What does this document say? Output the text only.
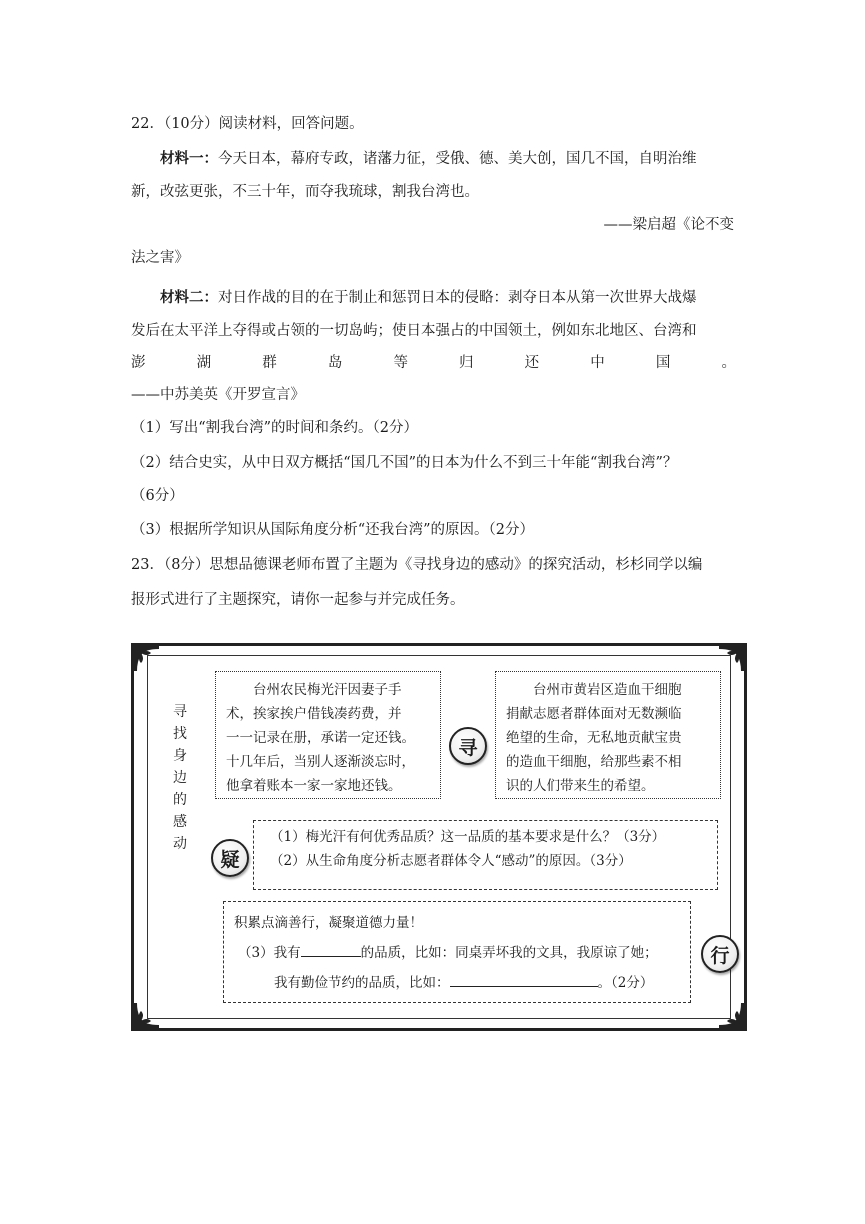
22．（10分）阅读材料，回答问题。
材料一：今天日本，幕府专政，诸藩力征，受俄、德、美大创，国几不国，自明治维
新，改弦更张，不三十年，而夺我琉球，割我台湾也。
——梁启超《论不变
法之害》
材料二：对日作战的目的在于制止和惩罚日本的侵略：剥夺日本从第一次世界大战爆
发后在太平洋上夺得或占领的一切岛屿；使日本强占的中国领土，例如东北地区、台湾和
澎	湖	群	岛	等	归	还	中	国	。
——中苏美英《开罗宣言》
（1）写出“割我台湾”的时间和条约。（2分）
（2）结合史实，从中日双方概括“国几不国”的日本为什么不到三十年能“割我台湾”？
（6分）
（3）根据所学知识从国际角度分析“还我台湾”的原因。（2分）
23．（8分）思想品德课老师布置了主题为《寻找身边的感动》的探究活动，杉杉同学以编
报形式进行了主题探究，请你一起参与并完成任务。
寻
找
身
边
的
感
动
台州农民梅光汗因妻子手
术，挨家挨户借钱凑药费，并
一一记录在册，承诺一定还钱。
十几年后，当别人逐渐淡忘时，
他拿着账本一家一家地还钱。
寻
台州市黄岩区造血干细胞
捐献志愿者群体面对无数濒临
绝望的生命，无私地贡献宝贵
的造血干细胞，给那些素不相
识的人们带来生的希望。
疑
（1）梅光汗有何优秀品质？这一品质的基本要求是什么？（3分）
（2）从生命角度分析志愿者群体令人“感动”的原因。（3分）
积累点滴善行，凝聚道德力量！
（3）我有	的品质，比如：同桌弄坏我的文具，我原谅了她；
我有勤俭节约的品质，比如：	。（2分）
行
